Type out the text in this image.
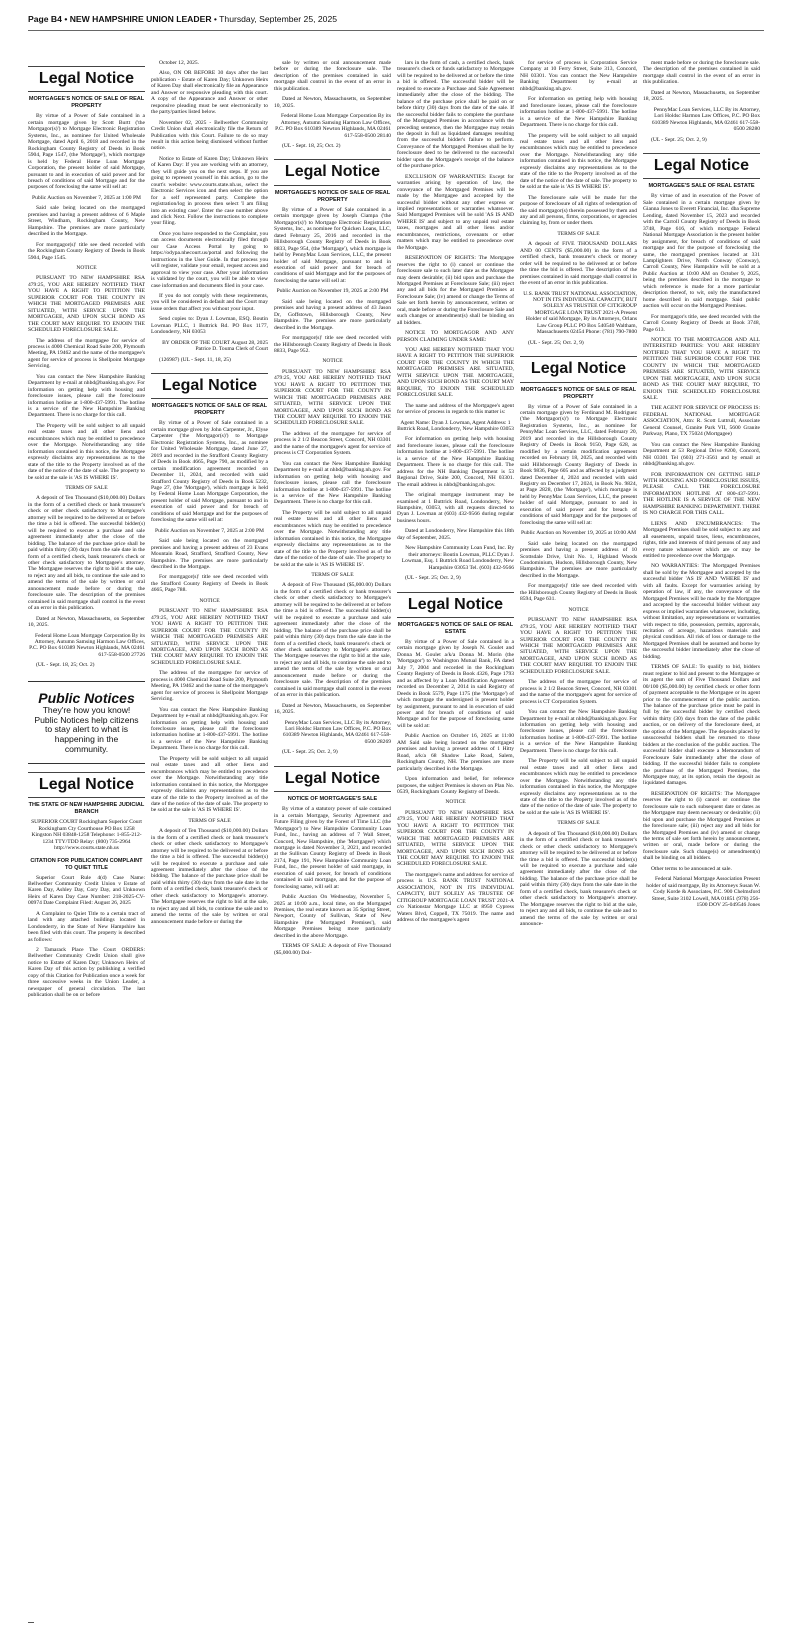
Page B4 • NEW HAMPSHIRE UNION LEADER • Thursday, September 25, 2025
Legal Notice

MORTGAGEE'S NOTICE OF SALE OF REAL PROPERTY

By virtue of a Power of Sale contained in a certain mortgage given by Scott Burtt ('the Mortgagor(s)') to Mortgage Electronic Registration Systems, Inc., as nominee for United Wholesale Mortgage, dated April 6, 2018 and recorded in the Rockingham County Registry of Deeds in Book 5904, Page 1547, (the 'Mortgage'), which mortgage is held by Federal Home Loan Mortgage Corporation, the present holder of said Mortgage, pursuant to and in execution of said power and for breach of conditions of said Mortgage and for the purposes of foreclosing the same will sell at:

Public Auction on November 7, 2025 at 1:00 PM

Said sale being located on the mortgaged premises and having a present address of 6 Maple Street, Windham, Rockingham County, New Hampshire. The premises are more particularly described in the Mortgage.

For mortgagor(s)' title see deed recorded with the Rockingham County Registry of Deeds in Book 5904, Page 1545.

NOTICE

PURSUANT TO NEW HAMPSHIRE RSA 479:25, YOU ARE HEREBY NOTIFIED THAT YOU HAVE A RIGHT TO PETITION THE SUPERIOR COURT FOR THE COUNTY IN WHICH THE MORTGAGED PREMISES ARE SITUATED, WITH SERVICE UPON THE MORTGAGEE, AND UPON SUCH BOND AS THE COURT MAY REQUIRE TO ENJOIN THE SCHEDULED FORECLOSURE SALE.

The address of the mortgagee for service of process is 4000 Chemical Road Suite 200, Plymouth Meeting, PA 19462 and the name of the mortgagee's agent for service of process is Shellpoint Mortgage Servicing.

You can contact the New Hampshire Banking Department by e-mail at nhbd@banking.nh.gov. For information on getting help with housing and foreclosure issues, please call the foreclosure information hotline at 1-800-437-5991. The hotline is a service of the New Hampshire Banking Department. There is no charge for this call.

The Property will be sold subject to all unpaid real estate taxes and all other liens and encumbrances which may be entitled to precedence over the Mortgage. Notwithstanding any title information contained in this notice, the Mortgagee expressly disclaims any representations as to the state of the title to the Property involved as of the date of the notice of the date of sale. The property to be sold at the sale is 'AS IS WHERE IS'.

TERMS OF SALE

A deposit of Ten Thousand ($10,000.00) Dollars in the form of a certified check or bank treasurer's check or other check satisfactory to Mortgagee's attorney will be required to be delivered at or before the time a bid is offered. The successful bidder(s) will be required to execute a purchase and sale agreement immediately after the close of the bidding. The balance of the purchase price shall be paid within thirty (30) days from the sale date in the form of a certified check, bank treasurer's check or other check satisfactory to Mortgagee's attorney. The Mortgagee reserves the right to bid at the sale, to reject any and all bids, to continue the sale and to amend the terms of the sale by written or oral announcement made before or during the foreclosure sale. The description of the premises contained in said mortgage shall control in the event of an error in this publication.

Dated at Newton, Massachusetts, on September 10, 2025.

Federal Home Loan Mortgage Corporation By its Attorney, Autumn Samsing Harmon Law Offices, P.C. PO Box 610389 Newton Highlands, MA 02461 617-558-0500 27726

(UL - Sept. 18, 25; Oct. 2)

Public Notices
They're how you know! Public Notices help citizens to stay alert to what is happening in the community.
Legal Notice

THE STATE OF NEW HAMPSHIRE JUDICIAL BRANCH

SUPERIOR COURT Rockingham Superior Court Rockingham Cty Courthouse PO Box 1258 Kingston NH 03848-1258 Telephone: 1-855-212-1234 TTY/TDD Relay: (800) 735-2964 http://www.courts.state.nh.us

CITATION FOR PUBLICATION COMPLAINT TO QUIET TITLE

Superior Court Rule 4(d) Case Name: Bellwether Community Credit Union v Estate of Karen Day, Ashley Day, Cory Day, and Unknown Heirs of Karen Day Case Number: 218-2025-CV-00974 Date Complaint Filed: August 26, 2025

A Complaint to Quiet Title to a certain tract of land with any attached buildings located in Londonderry, in the State of New Hampshire has been filed with this court. The property is described as follows:

2 Tamarack Place The Court ORDERS: Bellwether Community Credit Union shall give notice to Estate of Karen Day; Unknown Heirs of Karen Day of this action by publishing a verified copy of this Citation for Publication once a week for three successive weeks in the Union Leader, a newspaper of general circulation. The last publication shall be on or before

October 12, 2025.

Also, ON OR BEFORE 30 days after the last publication - Estate of Karen Day; Unknown Heirs of Karen Day shall electronically file an Appearance and Answer or responsive pleading with this court. A copy of the Appearance and Answer or other responsive pleading must be sent electronically to the party/parties listed below.

November 02, 2025 - Bellwether Community Credit Union shall electronically file the Return of Publication with this Court. Failure to do so may result in this action being dismissed without further notice.

Notice to Estate of Karen Day; Unknown Heirs of Karen Day: If you are working with an attorney, they will guide you on the next steps. If you are going to represent yourself in this action, go to the court's website: www.courts.state.nh.us, select the Electronic Services icon and then select the option for a self represented party. Complete the registration/log in process then select 'I am filing into an existing case'. Enter the case number above and click Next. Follow the instructions to complete your filing.

Once you have responded to the Complaint, you can access documents electronically filed through our Case Access Portal by going to https://odypa.nhecourt.us/portal and following the instructions in the User Guide. In that process you will register, validate your email, request access and approval to view your case. After your information is validated by the court, you will be able to view case information and documents filed in your case.

If you do not comply with these requirements, you will be considered in default and the Court may issue orders that affect you without your input.

Send copies to: Dyan J. Lowman, ESQ. Boutin Lowman PLLC, 1 Buttrick Rd. PO Box 1177, Londonderry, NH 03053

BY ORDER OF THE COURT August 28, 2025 Patrice D. Touma Clerk of Court

(126987) (UL - Sept. 11, 18, 25)

Legal Notice

MORTGAGEE'S NOTICE OF SALE OF REAL PROPERTY

By virtue of a Power of Sale contained in a certain mortgage given by John Carpenter, Jr., Elyse Carpenter ('the Mortgagor(s)') to Mortgage Electronic Registration Systems, Inc., as nominee for United Wholesale Mortgage, dated June 27, 2019 and recorded in the Strafford County Registry of Deeds in Book 4665, Page 790, as modified by a certain modification agreement recorded on December 11, 2024, and recorded with said Strafford County Registry of Deeds in Book 5232, Page 27, (the 'Mortgage'), which mortgage is held by Federal Home Loan Mortgage Corporation, the present holder of said Mortgage, pursuant to and in execution of said power and for breach of conditions of said Mortgage and for the purposes of foreclosing the same will sell at:

Public Auction on November 7, 2025 at 2:00 PM

Said sale being located on the mortgaged premises and having a present address of 23 Evans Mountain Road, Strafford, Strafford County, New Hampshire. The premises are more particularly described in the Mortgage.

For mortgagor(s)' title see deed recorded with the Strafford County Registry of Deeds in Book 4665, Page 788.

NOTICE

PURSUANT TO NEW HAMPSHIRE RSA 479:25, YOU ARE HEREBY NOTIFIED THAT YOU HAVE A RIGHT TO PETITION THE SUPERIOR COURT FOR THE COUNTY IN WHICH THE MORTGAGED PREMISES ARE SITUATED, WITH SERVICE UPON THE MORTGAGEE, AND UPON SUCH BOND AS THE COURT MAY REQUIRE TO ENJOIN THE SCHEDULED FORECLOSURE SALE.

The address of the mortgagee for service of process is 4000 Chemical Road Suite 200, Plymouth Meeting, PA 19462 and the name of the mortgagee's agent for service of process is Shellpoint Mortgage Servicing.

You can contact the New Hampshire Banking Department by e-mail at nhbd@banking.nh.gov. For information on getting help with housing and foreclosure issues, please call the foreclosure information hotline at 1-800-437-5991. The hotline is a service of the New Hampshire Banking Department. There is no charge for this call.

The Property will be sold subject to all unpaid real estate taxes and all other liens and encumbrances which may be entitled to precedence over the Mortgage. Notwithstanding any title information contained in this notice, the Mortgagee expressly disclaims any representations as to the state of the title to the Property involved as of the date of the notice of the date of sale. The property to be sold at the sale is 'AS IS WHERE IS'.

TERMS OF SALE

A deposit of Ten Thousand ($10,000.00) Dollars in the form of a certified check or bank treasurer's check or other check satisfactory to Mortgagee's attorney will be required to be delivered at or before the time a bid is offered. The successful bidder(s) will be required to execute a purchase and sale agreement immediately after the close of the bidding. The balance of the purchase price shall be paid within thirty (30) days from the sale date in the form of a certified check, bank treasurer's check or other check satisfactory to Mortgagee's attorney. The Mortgagee reserves the right to bid at the sale, to reject any and all bids, to continue the sale and to amend the terms of the sale by written or oral announcement made before or during the

sale by written or oral announcement made before or during the foreclosure sale. The description of the premises contained in said mortgage shall control in the event of an error in this publication.

Dated at Newton, Massachusetts, on September 10, 2025.

Federal Home Loan Mortgage Corporation By its Attorney, Autumn Samsing Harmon Law Offices, P.C. PO Box 610389 Newton Highlands, MA 02461 617-558-0500 28140

(UL - Sept. 18, 25; Oct. 2)

Legal Notice

MORTGAGEE'S NOTICE OF SALE OF REAL PROPERTY

By virtue of a Power of Sale contained in a certain mortgage given by Joseph Ciampa ('the Mortgagor(s)') to Mortgage Electronic Registration Systems, Inc., as nominee for Quicken Loans, LLC, dated February 25, 2016 and recorded in the Hillsborough County Registry of Deeds in Book 8833, Page 954, (the 'Mortgage'), which mortgage is held by PennyMac Loan Services, LLC, the present holder of said Mortgage, pursuant to and in execution of said power and for breach of conditions of said Mortgage and for the purposes of foreclosing the same will sell at:

Public Auction on November 19, 2025 at 2:00 PM

Said sale being located on the mortgaged premises and having a present address of 43 Jason Dr, Goffstown, Hillsborough County, New Hampshire. The premises are more particularly described in the Mortgage.

For mortgagor(s)' title see deed recorded with the Hillsborough County Registry of Deeds in Book 8833, Page 952.

NOTICE

PURSUANT TO NEW HAMPSHIRE RSA 479:25, YOU ARE HEREBY NOTIFIED THAT YOU HAVE A RIGHT TO PETITION THE SUPERIOR COURT FOR THE COUNTY IN WHICH THE MORTGAGED PREMISES ARE SITUATED, WITH SERVICE UPON THE MORTGAGEE, AND UPON SUCH BOND AS THE COURT MAY REQUIRE TO ENJOIN THE SCHEDULED FORECLOSURE SALE.

The address of the mortgagee for service of process is 2 1/2 Beacon Street, Concord, NH 03301 and the name of the mortgagee's agent for service of process is CT Corporation System.

You can contact the New Hampshire Banking Department by e-mail at nhbd@banking.nh.gov. For information on getting help with housing and foreclosure issues, please call the foreclosure information hotline at 1-800-437-5991. The hotline is a service of the New Hampshire Banking Department. There is no charge for this call.

The Property will be sold subject to all unpaid real estate taxes and all other liens and encumbrances which may be entitled to precedence over the Mortgage. Notwithstanding any title information contained in this notice, the Mortgagee expressly disclaims any representations as to the state of the title to the Property involved as of the date of the notice of the date of sale. The property to be sold at the sale is 'AS IS WHERE IS'.

TERMS OF SALE

A deposit of Five Thousand ($5,000.00) Dollars in the form of a certified check or bank treasurer's check or other check satisfactory to Mortgagee's attorney will be required to be delivered at or before the time a bid is offered. The successful bidder(s) will be required to execute a purchase and sale agreement immediately after the close of the bidding. The balance of the purchase price shall be paid within thirty (30) days from the sale date in the form of a certified check, bank treasurer's check or other check satisfactory to Mortgagee's attorney. The Mortgagee reserves the right to bid at the sale, to reject any and all bids, to continue the sale and to amend the terms of the sale by written or oral announcement made before or during the foreclosure sale. The description of the premises contained in said mortgage shall control in the event of an error in this publication.

Dated at Newton, Massachusetts, on September 16, 2025.

PennyMac Loan Services, LLC By its Attorney, Lori Holdsc Harmon Law Offices, P.C. PO Box 610389 Newton Highlands, MA 02461 617-558-0500 28269

(UL - Sept. 25; Oct. 2, 9)

Legal Notice

NOTICE OF MORTGAGEE'S SALE

By virtue of a statutory power of sale contained in a certain Mortgage, Security Agreement and Future Filing given by the Forest of Time LLC (the 'Mortgagor') to New Hampshire Community Loan Fund, Inc., having an address of 7 Wall Street, Concord, New Hampshire, (the 'Mortgagee') which mortgage is dated November 3, 2021, and recorded at the Sullivan County Registry of Deeds in Book 2174, Page 191, New Hampshire Community Loan Fund, Inc., the present holder of said mortgage, in execution of said power, for breach of conditions contained in said mortgage, and for the purpose of foreclosing same, will sell at:

Public Auction On Wednesday, November 5, 2025 at 10:00 a.m., local time, on the Mortgaged Premises, the real estate known as 35 Spring Street, Newport, County of Sullivan, State of New Hampshire (the 'Mortgaged Premises'), said Mortgage Premises being more particularly described in the above Mortgage.

TERMS OF SALE: A deposit of Five Thousand ($5,000.00) Dol-

lars in the form of cash, a certified check, bank treasurer's check or funds satisfactory to Mortgagee will be required to be delivered at or before the time a bid is offered. The successful bidder will be required to execute a Purchase and Sale Agreement immediately after the close of the bidding. The balance of the purchase price shall be paid on or before thirty (30) days from the date of the sale. If the successful bidder fails to complete the purchase of the Mortgaged Premises in accordance with the preceding sentence, then the Mortgagee may retain the deposit in full as liquidated damages resulting from the successful bidder's failure to perform. Conveyance of the Mortgaged Premises shall be by foreclosure deed to be delivered to the successful bidder upon the Mortgagee's receipt of the balance of the purchase price.

EXCLUSION OF WARRANTIES: Except for warranties arising by operation of law, the conveyance of the Mortgaged Premises will be made by the Mortgagee and accepted by the successful bidder without any other express or implied representations or warranties whatsoever. Said Mortgaged Premises will be sold 'AS IS AND WHERE IS' and subject to any unpaid real estate taxes, mortgages and all other liens and/or encumbrances, restrictions, covenants or other matters which may be entitled to precedence over the Mortgage.

RESERVATION OF RIGHTS: The Mortgagee reserves the right to (i) cancel or continue the foreclosure sale to such later date as the Mortgagee may deem desirable; (ii) bid upon and purchase the Mortgaged Premises at Foreclosure Sale; (iii) reject any and all bids for the Mortgaged Premises at Foreclosure Sale; (iv) amend or change the Terms of Sale set forth herein by announcement, written or oral, made before or during the Foreclosure Sale and such changes or amendment(s) shall be binding on all bidders.

NOTICE TO MORTGAGOR AND ANY PERSON CLAIMING UNDER SAME:

YOU ARE HEREBY NOTIFIED THAT YOU HAVE A RIGHT TO PETITION THE SUPERIOR COURT FOR THE COUNTY IN WHICH THE MORTGAGED PREMISES ARE SITUATED, WITH SERVICE UPON THE MORTGAGEE, AND UPON SUCH BOND AS THE COURT MAY REQUIRE, TO ENJOIN THE SCHEDULED FORECLOSURE SALE.

The name and address of the Mortgagee's agent for service of process in regards to this matter is:

Agent Name: Dyan J. Lowman, Agent Address: 1 Buttrick Road, Londonderry, New Hampshire 03053

For information on getting help with housing and foreclosure issues, please call the foreclosure information hotline at 1-800-437-5991. The hotline is a service of the New Hampshire Banking Department. There is no charge for this call. The address for the NH Banking Department is 53 Regional Drive, Suite 200, Concord, NH 03301. The email address is nhbd@banking.nh.gov.

The original mortgage instrument may be examined at 1 Buttrick Road, Londonderry, New Hampshire, 03053, with all requests directed to Dyan J. Lowman at (603) 432-9566 during regular business hours.

Dated at Londonderry, New Hampshire this 18th day of September, 2025.

New Hampshire Community Loan Fund, Inc. By their attorneys: Boutin Lowman, PLLC Dyan J. Lowman, Esq. 1 Buttrick Road Londonderry, New Hampshire 03053 Tel. (603) 432-9566

(UL - Sept. 25; Oct. 2, 9)

Legal Notice

MORTGAGEE'S NOTICE OF SALE OF REAL ESTATE

By virtue of a Power of Sale contained in a certain mortgage given by Joseph N. Goulet and Donna M. Goulet a/k/a Donna M. Morin (the 'Mortgagor') to Washington Mutual Bank, FA dated July 7, 2004 and recorded in the Rockingham County Registry of Deeds in Book 4326, Page 1793 and as affected by a Loan Modification Agreement recorded on December 2, 2014 in said Registry of Deeds in Book 5579, Page 1175 (the 'Mortgage') of which mortgage the undersigned is present holder by assignment, pursuant to and in execution of said power and for breach of conditions of said Mortgage and for the purpose of foreclosing same will be sold at:

Public Auction on October 16, 2025 at 11:00 AM Said sale being located on the mortgaged premises and having a present address of 1 Hitty Road, a/k/a 68 Shadow Lake Road, Salem, Rockingham County, NH. The premises are more particularly described in the Mortgage.

Upon information and belief, for reference purposes, the subject Premises is shown on Plan No. 0539, Rockingham County Registry of Deeds.

NOTICE

PURSUANT TO NEW HAMPSHIRE RSA 479:25, YOU ARE HEREBY NOTIFIED THAT YOU HAVE A RIGHT TO PETITION THE SUPERIOR COURT FOR THE COUNTY IN WHICH THE MORTGAGED PREMISES ARE SITUATED, WITH SERVICE UPON THE MORTGAGEE, AND UPON SUCH BOND AS THE COURT MAY REQUIRE TO ENJOIN THE SCHEDULED FORECLOSURE SALE.

The mortgagee's name and address for service of process is U.S. BANK TRUST NATIONAL ASSOCIATION, NOT IN ITS INDIVIDUAL CAPACITY, BUT SOLELY AS TRUSTEE OF CITIGROUP MORTGAGE LOAN TRUST 2021-A c/o Nationstar Mortgage LLC at 8950 Cypress Waters Blvd, Coppell, TX 75019. The name and address of the mortgagee's agent

for service of process is Corporation Service Company at 10 Ferry Street, Suite 313, Concord, NH 03301. You can contact the New Hampshire Banking Department by e-mail at nhbd@banking.nh.gov.

For information on getting help with housing and foreclosure issues, please call the foreclosure information hotline at 1-800-437-5991. The hotline is a service of the New Hampshire Banking Department. There is no charge for this call.

The property will be sold subject to all unpaid real estate taxes and all other liens and encumbrances which may be entitled to precedence over the Mortgage. Notwithstanding any title information contained in this notice, the Mortgagee expressly disclaims any representations as to the state of the title to the Property involved as of the date of the notice of the date of sale. The property to be sold at the sale is 'AS IS WHERE IS'.

The foreclosure sale will be made for the purpose of foreclosure of all rights of redemption of the said mortgagor(s) therein possessed by them and any and all persons, firms, corporations, or agencies claiming by, from or under them.

TERMS OF SALE

A deposit of FIVE THOUSAND DOLLARS AND 00 CENTS ($5,000.00) in the form of a certified check, bank treasurer's check or money order will be required to be delivered at or before the time the bid is offered. The description of the premises contained in said mortgage shall control in the event of an error in this publication.

U.S. BANK TRUST NATIONAL ASSOCIATION, NOT IN ITS INDIVIDUAL CAPACITY, BUT SOLELY AS TRUSTEE OF CITIGROUP MORTGAGE LOAN TRUST 2021-A Present Holder of said Mortgage, By its Attorneys, Orlans Law Group PLLC PO Box 540540 Waltham, Massachusetts 02454 Phone: (781) 790-7800

(UL - Sept. 25; Oct. 2, 9)

Legal Notice

MORTGAGEE'S NOTICE OF SALE OF REAL PROPERTY

By virtue of a Power of Sale contained in a certain mortgage given by Ferdinand M. Rodriguez ('the Mortgagor(s)') to Mortgage Electronic Registration Systems, Inc., as nominee for PennyMac Loan Services, LLC, dated February 20, 2019 and recorded in the Hillsborough County Registry of Deeds in Book 9150, Page 628, as modified by a certain modification agreement recorded on February 18, 2025, and recorded with said Hillsborough County Registry of Deeds in Book 9836, Page 605 and as affected by a judgment dated December 4, 2024 and recorded with said Registry on December 17, 2024, in Book No. 9824, at Page 2828, (the 'Mortgage'), which mortgage is held by PennyMac Loan Services, LLC, the present holder of said Mortgage, pursuant to and in execution of said power and for breach of conditions of said Mortgage and for the purposes of foreclosing the same will sell at:

Public Auction on November 19, 2025 at 10:00 AM

Said sale being located on the mortgaged premises and having a present address of 10 Scottsdale Drive, Unit No. 1, Highland Woods Condominium, Hudson, Hillsborough County, New Hampshire. The premises are more particularly described in the Mortgage.

For mortgagor(s)' title see deed recorded with the Hillsborough County Registry of Deeds in Book 8594, Page 631.

NOTICE

PURSUANT TO NEW HAMPSHIRE RSA 479:25, YOU ARE HEREBY NOTIFIED THAT YOU HAVE A RIGHT TO PETITION THE SUPERIOR COURT FOR THE COUNTY IN WHICH THE MORTGAGED PREMISES ARE SITUATED, WITH SERVICE UPON THE MORTGAGEE, AND UPON SUCH BOND AS THE COURT MAY REQUIRE TO ENJOIN THE SCHEDULED FORECLOSURE SALE.

The address of the mortgagee for service of process is 2 1/2 Beacon Street, Concord, NH 03301 and the name of the mortgagee's agent for service of process is CT Corporation System.

You can contact the New Hampshire Banking Department by e-mail at nhbd@banking.nh.gov. For information on getting help with housing and foreclosure issues, please call the foreclosure information hotline at 1-800-437-5991. The hotline is a service of the New Hampshire Banking Department. There is no charge for this call.

The Property will be sold subject to all unpaid real estate taxes and all other liens and encumbrances which may be entitled to precedence over the Mortgage. Notwithstanding any title information contained in this notice, the Mortgagee expressly disclaims any representations as to the state of the title to the Property involved as of the date of the notice of the date of sale. The property to be sold at the sale is 'AS IS WHERE IS'.

TERMS OF SALE

A deposit of Ten Thousand ($10,000.00) Dollars in the form of a certified check or bank treasurer's check or other check satisfactory to Mortgagee's attorney will be required to be delivered at or before the time a bid is offered. The successful bidder(s) will be required to execute a purchase and sale agreement immediately after the close of the bidding. The balance of the purchase price shall be paid within thirty (30) days from the sale date in the form of a certified check, bank treasurer's check or other check satisfactory to Mortgagee's attorney. The Mortgagee reserves the right to bid at the sale, to reject any and all bids, to continue the sale and to amend the terms of the sale by written or oral announce-

ment made before or during the foreclosure sale. The description of the premises contained in said mortgage shall control in the event of an error in this publication.

Dated at Newton, Massachusetts, on September 18, 2025.

PennyMac Loan Services, LLC By its Attorney, Lori Holdsc Harmon Law Offices, P.C. PO Box 610389 Newton Highlands, MA 02461 617-558-0500 28280

(UL - Sept. 25; Oct. 2, 9)

Legal Notice

MORTGAGEE'S SALE OF REAL ESTATE

By virtue of and in execution of the Power of Sale contained in a certain mortgage given by Gianna Jones to Everett Financial, Inc. dba Supreme Lending, dated November 15, 2023 and recorded with the Carroll County Registry of Deeds in Book 3748, Page 616, of which mortgage Federal National Mortgage Association is the present holder by assignment, for breach of conditions of said mortgage and for the purpose of foreclosing the same, the mortgaged premises located at 331 Lamplighters Drive, North Conway (Conway), Carroll County, New Hampshire will be sold at a Public Auction at 10:00 AM on October 9, 2025, being the premises described in the mortgage to which reference is made for a more particular description thereof, to wit, only the manufactured home described in said mortgage. Said public auction will occur on the Mortgaged Premises.

For mortgagor's title, see deed recorded with the Carroll County Registry of Deeds at Book 3748, Page 613.

NOTICE TO THE MORTGAGOR AND ALL INTERESTED PARTIES: YOU ARE HEREBY NOTIFIED THAT YOU HAVE A RIGHT TO PETITION THE SUPERIOR COURT FOR THE COUNTY IN WHICH THE MORTGAGED PREMISES ARE SITUATED, WITH SERVICE UPON THE MORTGAGEE, AND UPON SUCH BOND AS THE COURT MAY REQUIRE, TO ENJOIN THE SCHEDULED FORECLOSURE SALE.

THE AGENT FOR SERVICE OF PROCESS IS: FEDERAL NATIONAL MORTGAGE ASSOCIATION, Attn: R. Scott Luttrull, Associate General Counsel, Granite Park VII, 5600 Granite Parkway, Plano, TX 75024 (Mortgagee)

You can contact the New Hampshire Banking Department at 53 Regional Drive #200, Concord, NH 03301 Tel (603) 271-3561 and by email at nhbd@banking.nh.gov.

FOR INFORMATION ON GETTING HELP WITH HOUSING AND FORECLOSURE ISSUES, PLEASE CALL THE FORECLOSURE INFORMATION HOTLINE AT 800-437-5991. THE HOTLINE IS A SERVICE OF THE NEW HAMPSHIRE BANKING DEPARTMENT. THERE IS NO CHARGE FOR THIS CALL.

LIENS AND ENCUMBRANCES: The Mortgaged Premises shall be sold subject to any and all easements, unpaid taxes, liens, encumbrances, rights, title and interests of third persons of any and every nature whatsoever which are or may be entitled to precedence over the Mortgage.

NO WARRANTIES: The Mortgaged Premises shall be sold by the Mortgagee and accepted by the successful bidder 'AS IS' AND 'WHERE IS' and with all faults. Except for warranties arising by operation of law, if any, the conveyance of the Mortgaged Premises will be made by the Mortgagee and accepted by the successful bidder without any express or implied warranties whatsoever, including, without limitation, any representations or warranties with respect to title, possession, permits, approvals, recitation of acreage, hazardous materials and physical condition. All risk of loss or damage to the Mortgaged Premises shall be assumed and borne by the successful bidder immediately after the close of bidding.

TERMS OF SALE: To qualify to bid, bidders must register to bid and present to the Mortgagee or its agent the sum of Five Thousand Dollars and 00/100 ($5,000.00) by certified check or other form of payment acceptable to the Mortgagee or its agent prior to the commencement of the public auction. The balance of the purchase price must be paid in full by the successful bidder by certified check within thirty (30) days from the date of the public auction, or on delivery of the foreclosure deed, at the option of the Mortgagee. The deposits placed by unsuccessful bidders shall be returned to those bidders at the conclusion of the public auction. The successful bidder shall execute a Memorandum of Foreclosure Sale immediately after the close of bidding. If the successful bidder fails to complete the purchase of the Mortgaged Premises, the Mortgagee may, at its option, retain the deposit as liquidated damages.

RESERVATION OF RIGHTS: The Mortgagee reserves the right to (i) cancel or continue the foreclosure sale to such subsequent date or dates as the Mortgagee may deem necessary or desirable; (ii) bid upon and purchase the Mortgaged Premises at the foreclosure sale; (iii) reject any and all bids for the Mortgaged Premises and (iv) amend or change the terms of sale set forth herein by announcement, written or oral, made before or during the foreclosure sale. Such change(s) or amendment(s) shall be binding on all bidders.

Other terms to be announced at sale.

Federal National Mortgage Association Present holder of said mortgage, By its Attorneys Susan W. Cody Korde & Associates, P.C. 900 Chelmsford Street, Suite 3102 Lowell, MA 01851 (978) 256-1500 DOV 25-049546 Jones
